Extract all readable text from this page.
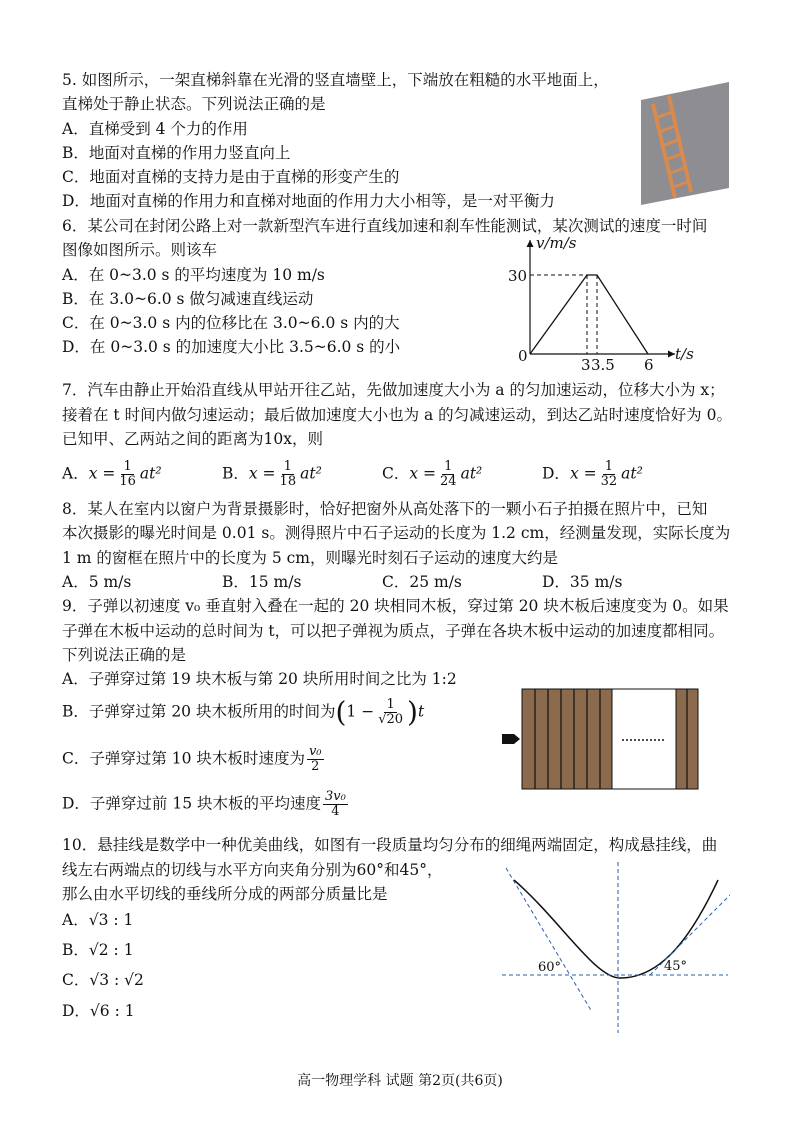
5. 如图所示，一架直梯斜靠在光滑的竖直墙壁上，下端放在粗糙的水平地面上，
直梯处于静止状态。下列说法正确的是
A．直梯受到 4 个力的作用
B．地面对直梯的作用力竖直向上
C．地面对直梯的支持力是由于直梯的形变产生的
D．地面对直梯的作用力和直梯对地面的作用力大小相等，是一对平衡力
6．某公司在封闭公路上对一款新型汽车进行直线加速和刹车性能测试，某次测试的速度一时间
图像如图所示。则该车
A．在 0~3.0 s 的平均速度为 10 m/s
B．在 3.0~6.0 s 做匀减速直线运动
C．在 0~3.0 s 内的位移比在 3.0~6.0 s 内的大
D．在 0~3.0 s 的加速度大小比 3.5~6.0 s 的小
v/m/s
30
0	3 3.5 6
t/s
7．汽车由静止开始沿直线从甲站开往乙站，先做加速度大小为 a 的匀加速运动，位移大小为 x；
接着在 t 时间内做匀速运动；最后做加速度大小也为 a 的匀减速运动，到达乙站时速度恰好为 0。
已知甲、乙两站之间的距离为10x，则
A．$x = \frac{1}{16} at^2$	B．$x = \frac{1}{18} at^2$	C．$x = \frac{1}{24} at^2$	D．$x = \frac{1}{32} at^2$
8．某人在室内以窗户为背景摄影时，恰好把窗外从高处落下的一颗小石子拍摄在照片中，已知
本次摄影的曝光时间是 0.01 s。测得照片中石子运动的长度为 1.2 cm，经测量发现，实际长度为
1 m 的窗框在照片中的长度为 5 cm，则曝光时刻石子运动的速度大约是
A．5 m/s	B．15 m/s	C．25 m/s	D．35 m/s
9．子弹以初速度 v₀ 垂直射入叠在一起的 20 块相同木板，穿过第 20 块木板后速度变为 0。如果
子弹在木板中运动的总时间为 t，可以把子弹视为质点，子弹在各块木板中运动的加速度都相同。
下列说法正确的是
A．子弹穿过第 19 块木板与第 20 块所用时间之比为 1:2
B．子弹穿过第 20 块木板所用的时间为$(1 - \frac{1}{√20} )t$
C．子弹穿过第 10 块木板时速度为 $\frac{\text{v₀}}{2}$
D．子弹穿过前 15 块木板的平均速度 $\frac{\text{3v₀}}{4}$
10．悬挂线是数学中一种优美曲线，如图有一段质量均匀分布的细绳两端固定，构成悬挂线，曲
线左右两端点的切线与水平方向夹角分别为60°和45°，
那么由水平切线的垂线所分成的两部分质量比是
A．√3 : 1
B．√2 : 1
C．√3 : √2
D．√6 : 1
60°	45°
高一物理学科 试题 第2页(共6页)
